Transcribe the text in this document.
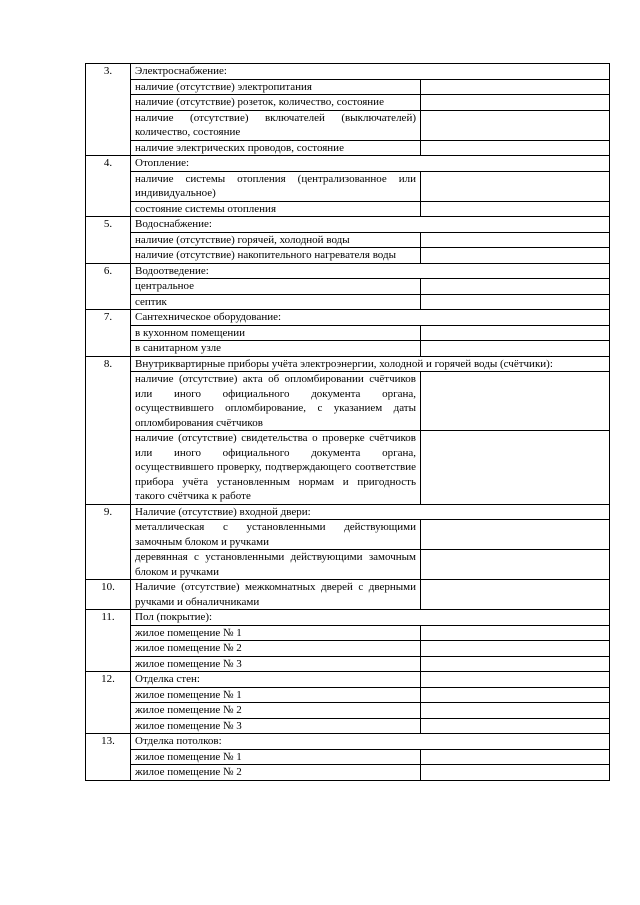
3.	Электроснабжение:	
	наличие (отсутствие) электропитания	
	наличие (отсутствие) розеток, количество, состояние	
	наличие (отсутствие) включателей (выключателей) количество, состояние	
	наличие электрических проводов, состояние	
4.	Отопление:	
	наличие системы отопления (централизованное или индивидуальное)	
	состояние системы отопления	
5.	Водоснабжение:	
	наличие (отсутствие) горячей, холодной воды	
	наличие (отсутствие) накопительного нагревателя воды	
6.	Водоотведение:	
	центральное	
	септик	
7.	Сантехническое оборудование:	
	в кухонном помещении	
	в санитарном узле	
8.	Внутриквартирные приборы учёта электроэнергии, холодной и горячей воды (счётчики):	
	наличие (отсутствие) акта об опломбировании счётчиков или иного официального документа органа, осуществившего опломбирование, с указанием даты опломбирования счётчиков	
	наличие (отсутствие) свидетельства о проверке счётчиков или иного официального документа органа, осуществившего проверку, подтверждающего соответствие прибора учёта установленным нормам и пригодность такого счётчика к работе	
9.	Наличие (отсутствие) входной двери:	
	металлическая с установленными действующими замочным блоком и ручками	
	деревянная с установленными действующими замочным блоком и ручками	
10.	Наличие (отсутствие) межкомнатных дверей с дверными ручками и обналичниками	
11.	Пол (покрытие):	
	жилое помещение № 1	
	жилое помещение № 2	
	жилое помещение № 3	
12.	Отделка стен:	
	жилое помещение № 1	
	жилое помещение № 2	
	жилое помещение № 3	
13.	Отделка потолков:	
	жилое помещение № 1	
	жилое помещение № 2	
